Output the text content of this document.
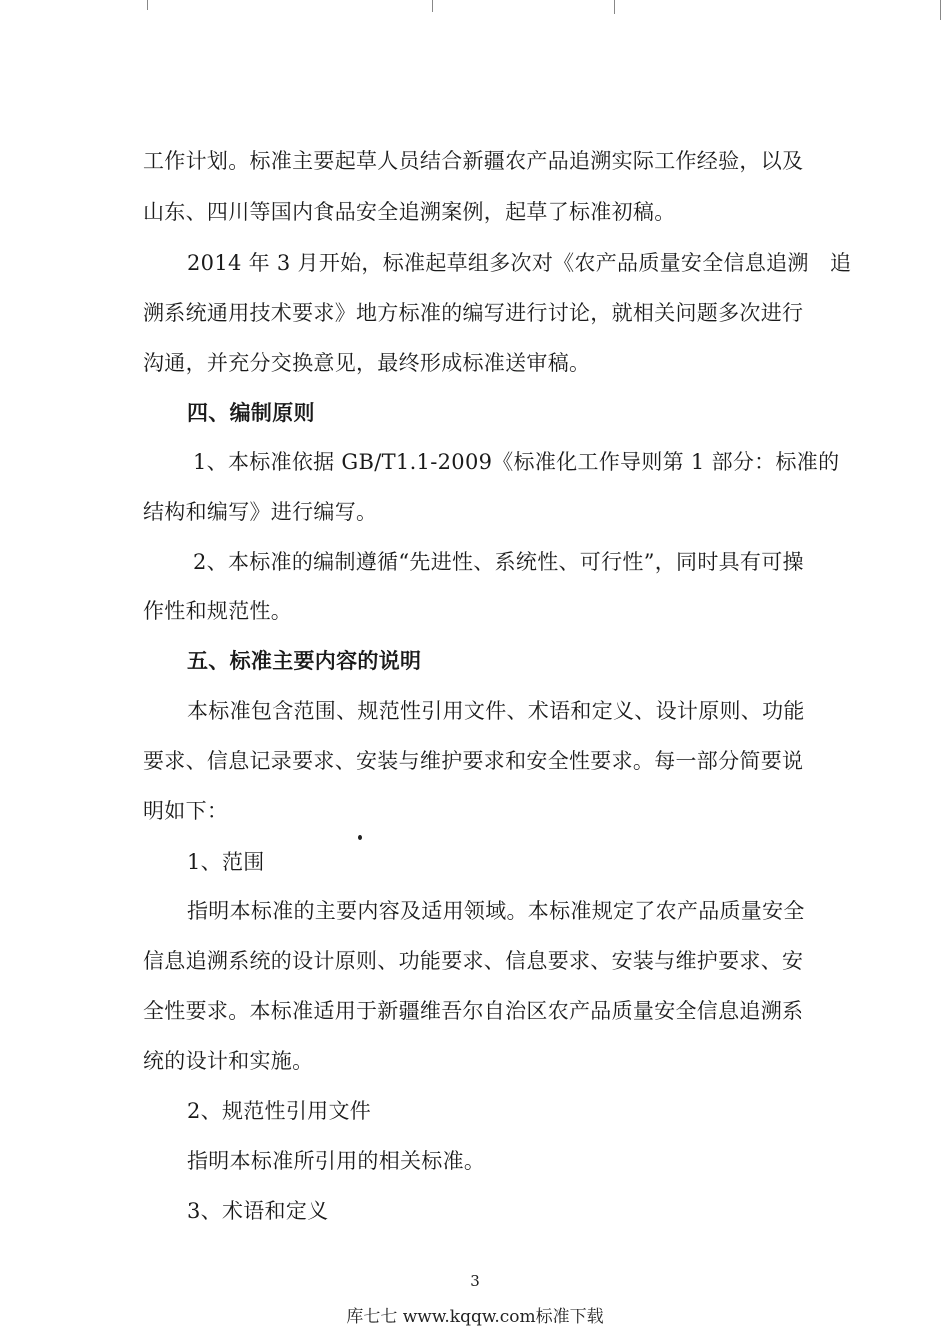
工作计划。标准主要起草人员结合新疆农产品追溯实际工作经验，以及
山东、四川等国内食品安全追溯案例，起草了标准初稿。
2014 年 3 月开始，标准起草组多次对《农产品质量安全信息追溯　追
溯系统通用技术要求》地方标准的编写进行讨论，就相关问题多次进行
沟通，并充分交换意见，最终形成标准送审稿。
四、编制原则
1、本标准依据 GB/T1.1-2009《标准化工作导则第 1 部分：标准的
结构和编写》进行编写。
2、本标准的编制遵循“先进性、系统性、可行性”，同时具有可操
作性和规范性。
五、标准主要内容的说明
本标准包含范围、规范性引用文件、术语和定义、设计原则、功能
要求、信息记录要求、安装与维护要求和安全性要求。每一部分简要说
明如下：
1、范围
指明本标准的主要内容及适用领域。本标准规定了农产品质量安全
信息追溯系统的设计原则、功能要求、信息要求、安装与维护要求、安
全性要求。本标准适用于新疆维吾尔自治区农产品质量安全信息追溯系
统的设计和实施。
2、规范性引用文件
指明本标准所引用的相关标准。
3、术语和定义
3
库七七 www.kqqw.com标准下载
